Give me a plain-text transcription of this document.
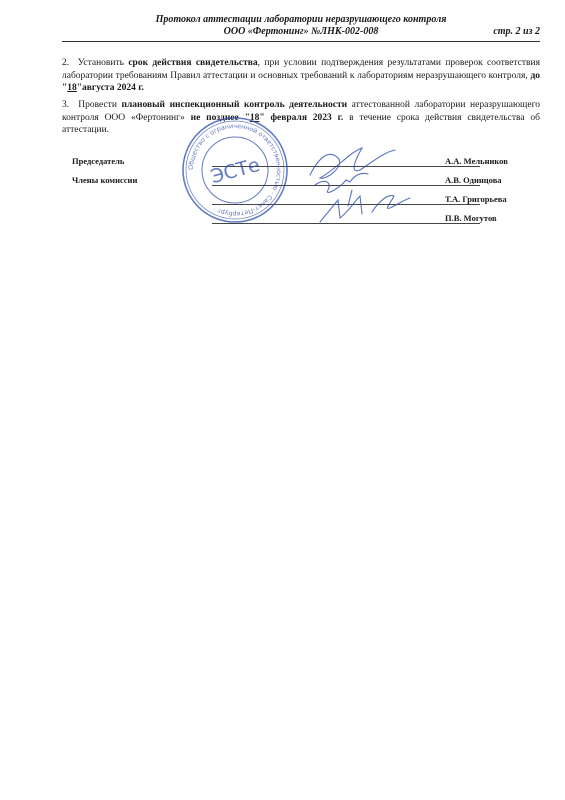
Протокол аттестации лаборатории неразрушающего контроля
ООО «Фертонинг» №ЛНК-002-008	стр. 2 из 2
2. Установить срок действия свидетельства, при условии подтверждения результатами проверок соответствия лаборатории требованиям Правил аттестации и основных требований к лабораториям неразрушающего контроля, до "18"августа 2024 г.
3. Провести плановый инспекционный контроль деятельности аттестованной лаборатории неразрушающего контроля ООО «Фертонинг» не позднее "18" февраля 2023 г. в течение срока действия свидетельства об аттестации.
Председатель	А.А. Мельников
Члены комиссии	А.В. Одинцова
Т.А. Григорьева
П.В. Могутов
Общество с ограниченной ответственностью · Санкт-Петербург ·
ЭСТе
